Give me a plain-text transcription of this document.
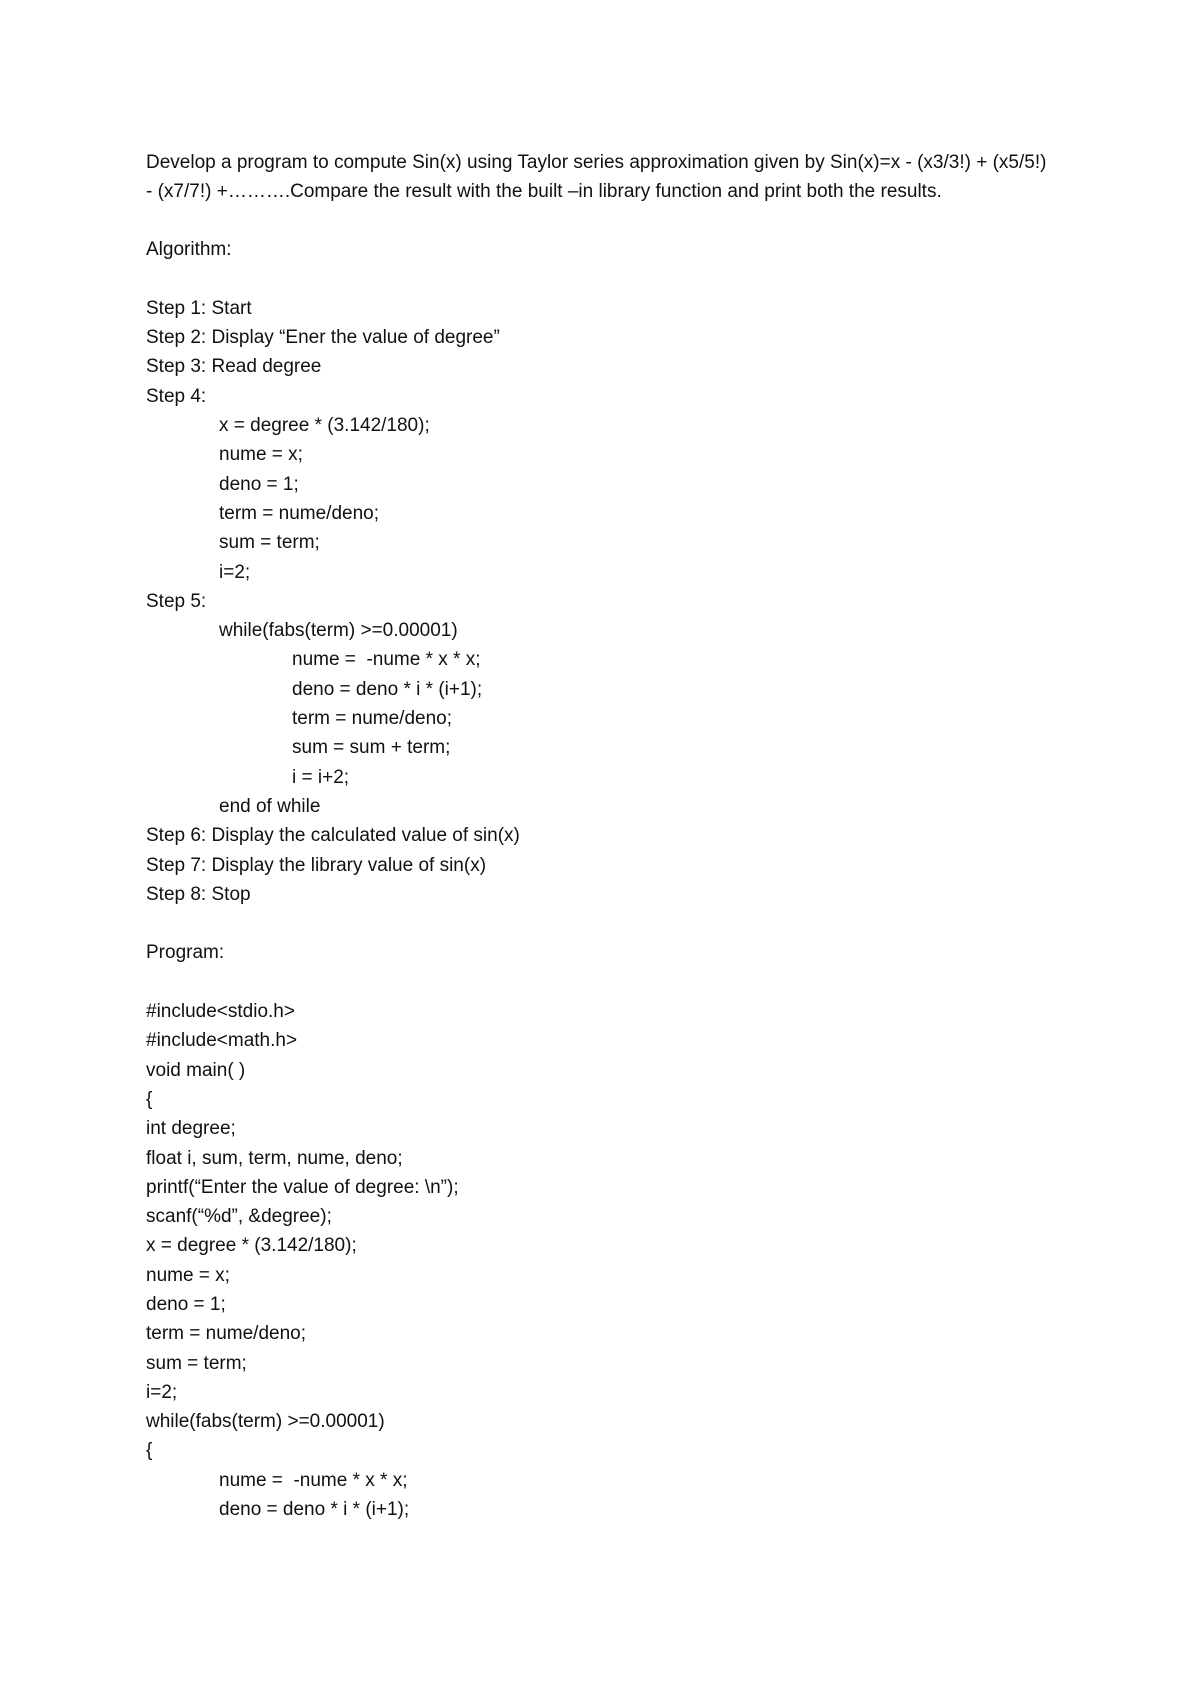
Develop a program to compute Sin(x) using Taylor series approximation given by Sin(x)=x - (x3/3!) + (x5/5!) - (x7/7!) +……….Compare the result with the built –in library function and print both the results.

Algorithm:
Step 1: Start
Step 2: Display “Ener the value of degree”
Step 3: Read degree
Step 4:
x = degree * (3.142/180);
nume = x;
deno = 1;
term = nume/deno;
sum = term;
i=2;
Step 5:
while(fabs(term) >=0.00001)
nume =  -nume * x * x;
deno = deno * i * (i+1);
term = nume/deno;
sum = sum + term;
i = i+2;
end of while
Step 6: Display the calculated value of sin(x)
Step 7: Display the library value of sin(x)
Step 8: Stop
Program:
#include<stdio.h>
#include<math.h>
void main( )
{
int degree;
float i, sum, term, nume, deno;
printf(“Enter the value of degree: \n”);
scanf(“%d”, &degree);
x = degree * (3.142/180);
nume = x;
deno = 1;
term = nume/deno;
sum = term;
i=2;
while(fabs(term) >=0.00001)
{
nume =  -nume * x * x;
deno = deno * i * (i+1);
